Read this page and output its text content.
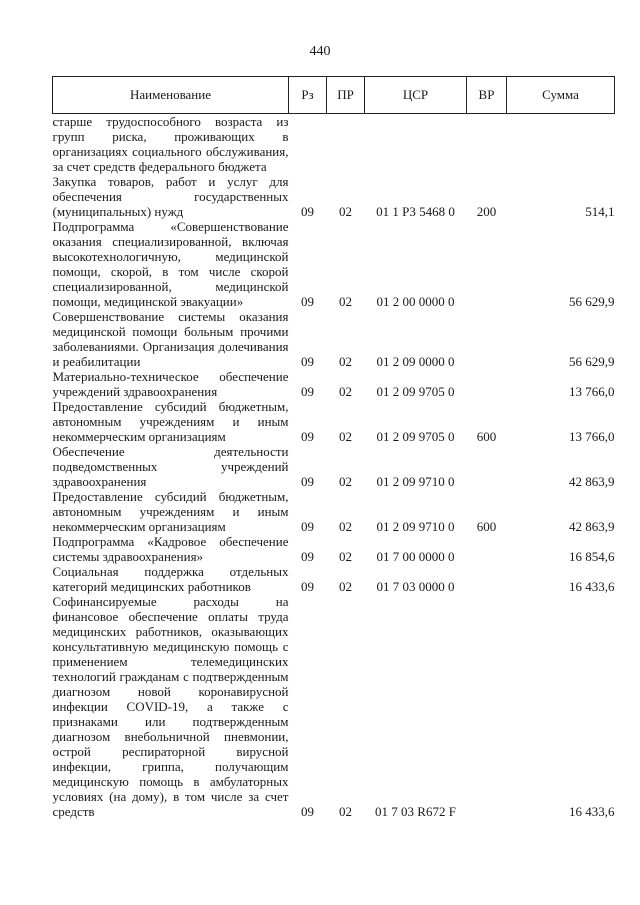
440
Наименование	Рз	ПР	ЦСР	ВР	Сумма
старше трудоспособного возраста из групп риска, проживающих в организациях социального обслуживания, за счет средств федерального бюджета					
Закупка товаров, работ и услуг для обеспечения государственных (муниципальных) нужд	09	02	01 1 P3 5468 0	200	514,1
Подпрограмма «Совершенствование оказания специализированной, включая высокотехнологичную, медицинской помощи, скорой, в том числе скорой специализированной, медицинской помощи, медицинской эвакуации»	09	02	01 2 00 0000 0		56 629,9
Совершенствование системы оказания медицинской помощи больным прочими заболеваниями. Организация долечивания и реабилитации	09	02	01 2 09 0000 0		56 629,9
Материально-техническое обеспечение учреждений здравоохранения	09	02	01 2 09 9705 0		13 766,0
Предоставление субсидий бюджетным, автономным учреждениям и иным некоммерческим организациям	09	02	01 2 09 9705 0	600	13 766,0
Обеспечение деятельности подведомственных учреждений здравоохранения	09	02	01 2 09 9710 0		42 863,9
Предоставление субсидий бюджетным, автономным учреждениям и иным некоммерческим организациям	09	02	01 2 09 9710 0	600	42 863,9
Подпрограмма «Кадровое обеспечение системы здравоохранения»	09	02	01 7 00 0000 0		16 854,6
Социальная поддержка отдельных категорий медицинских работников	09	02	01 7 03 0000 0		16 433,6
Софинансируемые расходы на финансовое обеспечение оплаты труда медицинских работников, оказывающих консультативную медицинскую помощь с применением телемедицинских технологий гражданам с подтвержденным диагнозом новой коронавирусной инфекции COVID-19, а также с признаками или подтвержденным диагнозом внебольничной пневмонии, острой респираторной вирусной инфекции, гриппа, получающим медицинскую помощь в амбулаторных условиях (на дому), в том числе за счет средств	09	02	01 7 03 R672 F		16 433,6
